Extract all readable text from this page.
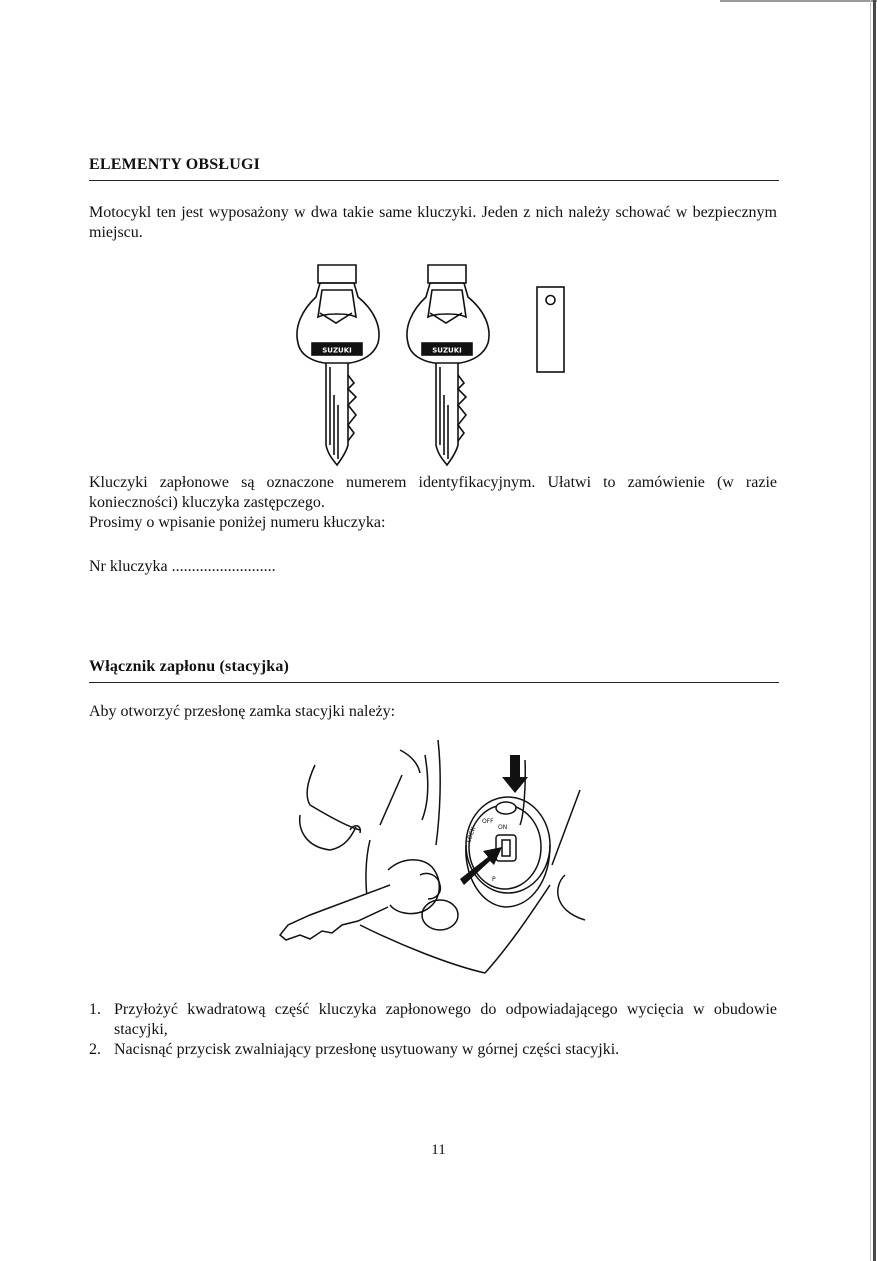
ELEMENTY OBSŁUGI

Motocykl ten jest wyposażony w dwa takie same kluczyki. Jeden z nich należy schować w bezpiecznym miejscu.

SUZUKI	SUZUKI

Kluczyki zapłonowe są oznaczone numerem identyfikacyjnym. Ułatwi to zamówienie (w razie konieczności) kluczyka zastępczego.

Prosimy o wpisanie poniżej numeru kłuczyka:

Nr kluczyka ..........................

Włącznik zapłonu (stacyjka)

Aby otworzyć przesłonę zamka stacyjki należy:

LOCK
OFF
ON
P
1. Przyłożyć kwadratową część kluczyka zapłonowego do odpowiadającego wycięcia w obudowie stacyjki,
2. Nacisnąć przycisk zwalniający przesłonę usytuowany w górnej części stacyjki.
11
